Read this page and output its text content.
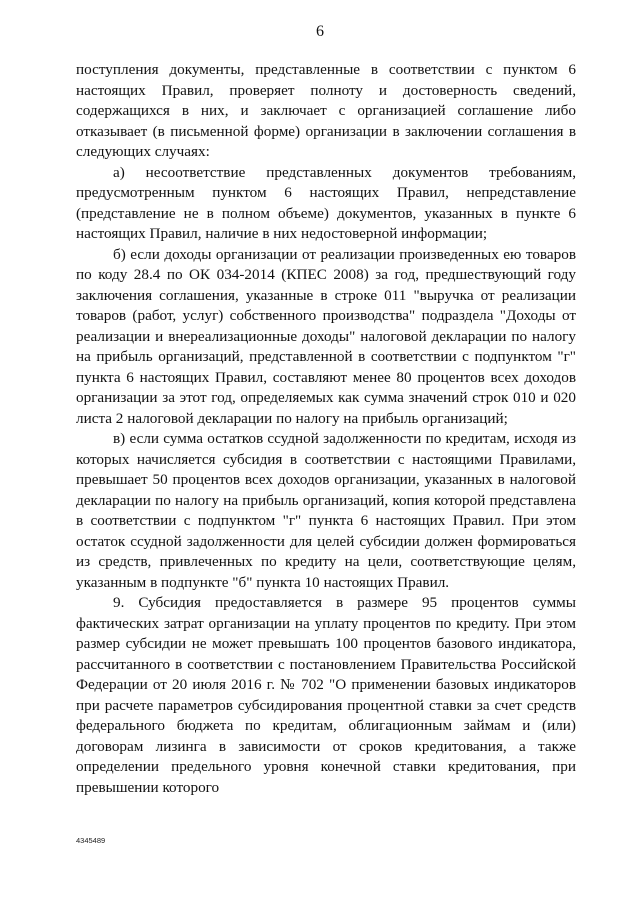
6

поступления документы, представленные в соответствии с пунктом 6 настоящих Правил, проверяет полноту и достоверность сведений, содержащихся в них, и заключает с организацией соглашение либо отказывает (в письменной форме) организации в заключении соглашения в следующих случаях:

а) несоответствие представленных документов требованиям, предусмотренным пунктом 6 настоящих Правил, непредставление (представление не в полном объеме) документов, указанных в пункте 6 настоящих Правил, наличие в них недостоверной информации;

б) если доходы организации от реализации произведенных ею товаров по коду 28.4 по ОК 034-2014 (КПЕС 2008) за год, предшествующий году заключения соглашения, указанные в строке 011 "выручка от реализации товаров (работ, услуг) собственного производства" подраздела "Доходы от реализации и внереализационные доходы" налоговой декларации по налогу на прибыль организаций, представленной в соответствии с подпунктом "г" пункта 6 настоящих Правил, составляют менее 80 процентов всех доходов организации за этот год, определяемых как сумма значений строк 010 и 020 листа 2 налоговой декларации по налогу на прибыль организаций;

в) если сумма остатков ссудной задолженности по кредитам, исходя из которых начисляется субсидия в соответствии с настоящими Правилами, превышает 50 процентов всех доходов организации, указанных в налоговой декларации по налогу на прибыль организаций, копия которой представлена в соответствии с подпунктом "г" пункта 6 настоящих Правил. При этом остаток ссудной задолженности для целей субсидии должен формироваться из средств, привлеченных по кредиту на цели, соответствующие целям, указанным в подпункте "б" пункта 10 настоящих Правил.

9. Субсидия предоставляется в размере 95 процентов суммы фактических затрат организации на уплату процентов по кредиту. При этом размер субсидии не может превышать 100 процентов базового индикатора, рассчитанного в соответствии с постановлением Правительства Российской Федерации от 20 июля 2016 г. № 702 "О применении базовых индикаторов при расчете параметров субсидирования процентной ставки за счет средств федерального бюджета по кредитам, облигационным займам и (или) договорам лизинга в зависимости от сроков кредитования, а также определении предельного уровня конечной ставки кредитования, при превышении которого

4345489
